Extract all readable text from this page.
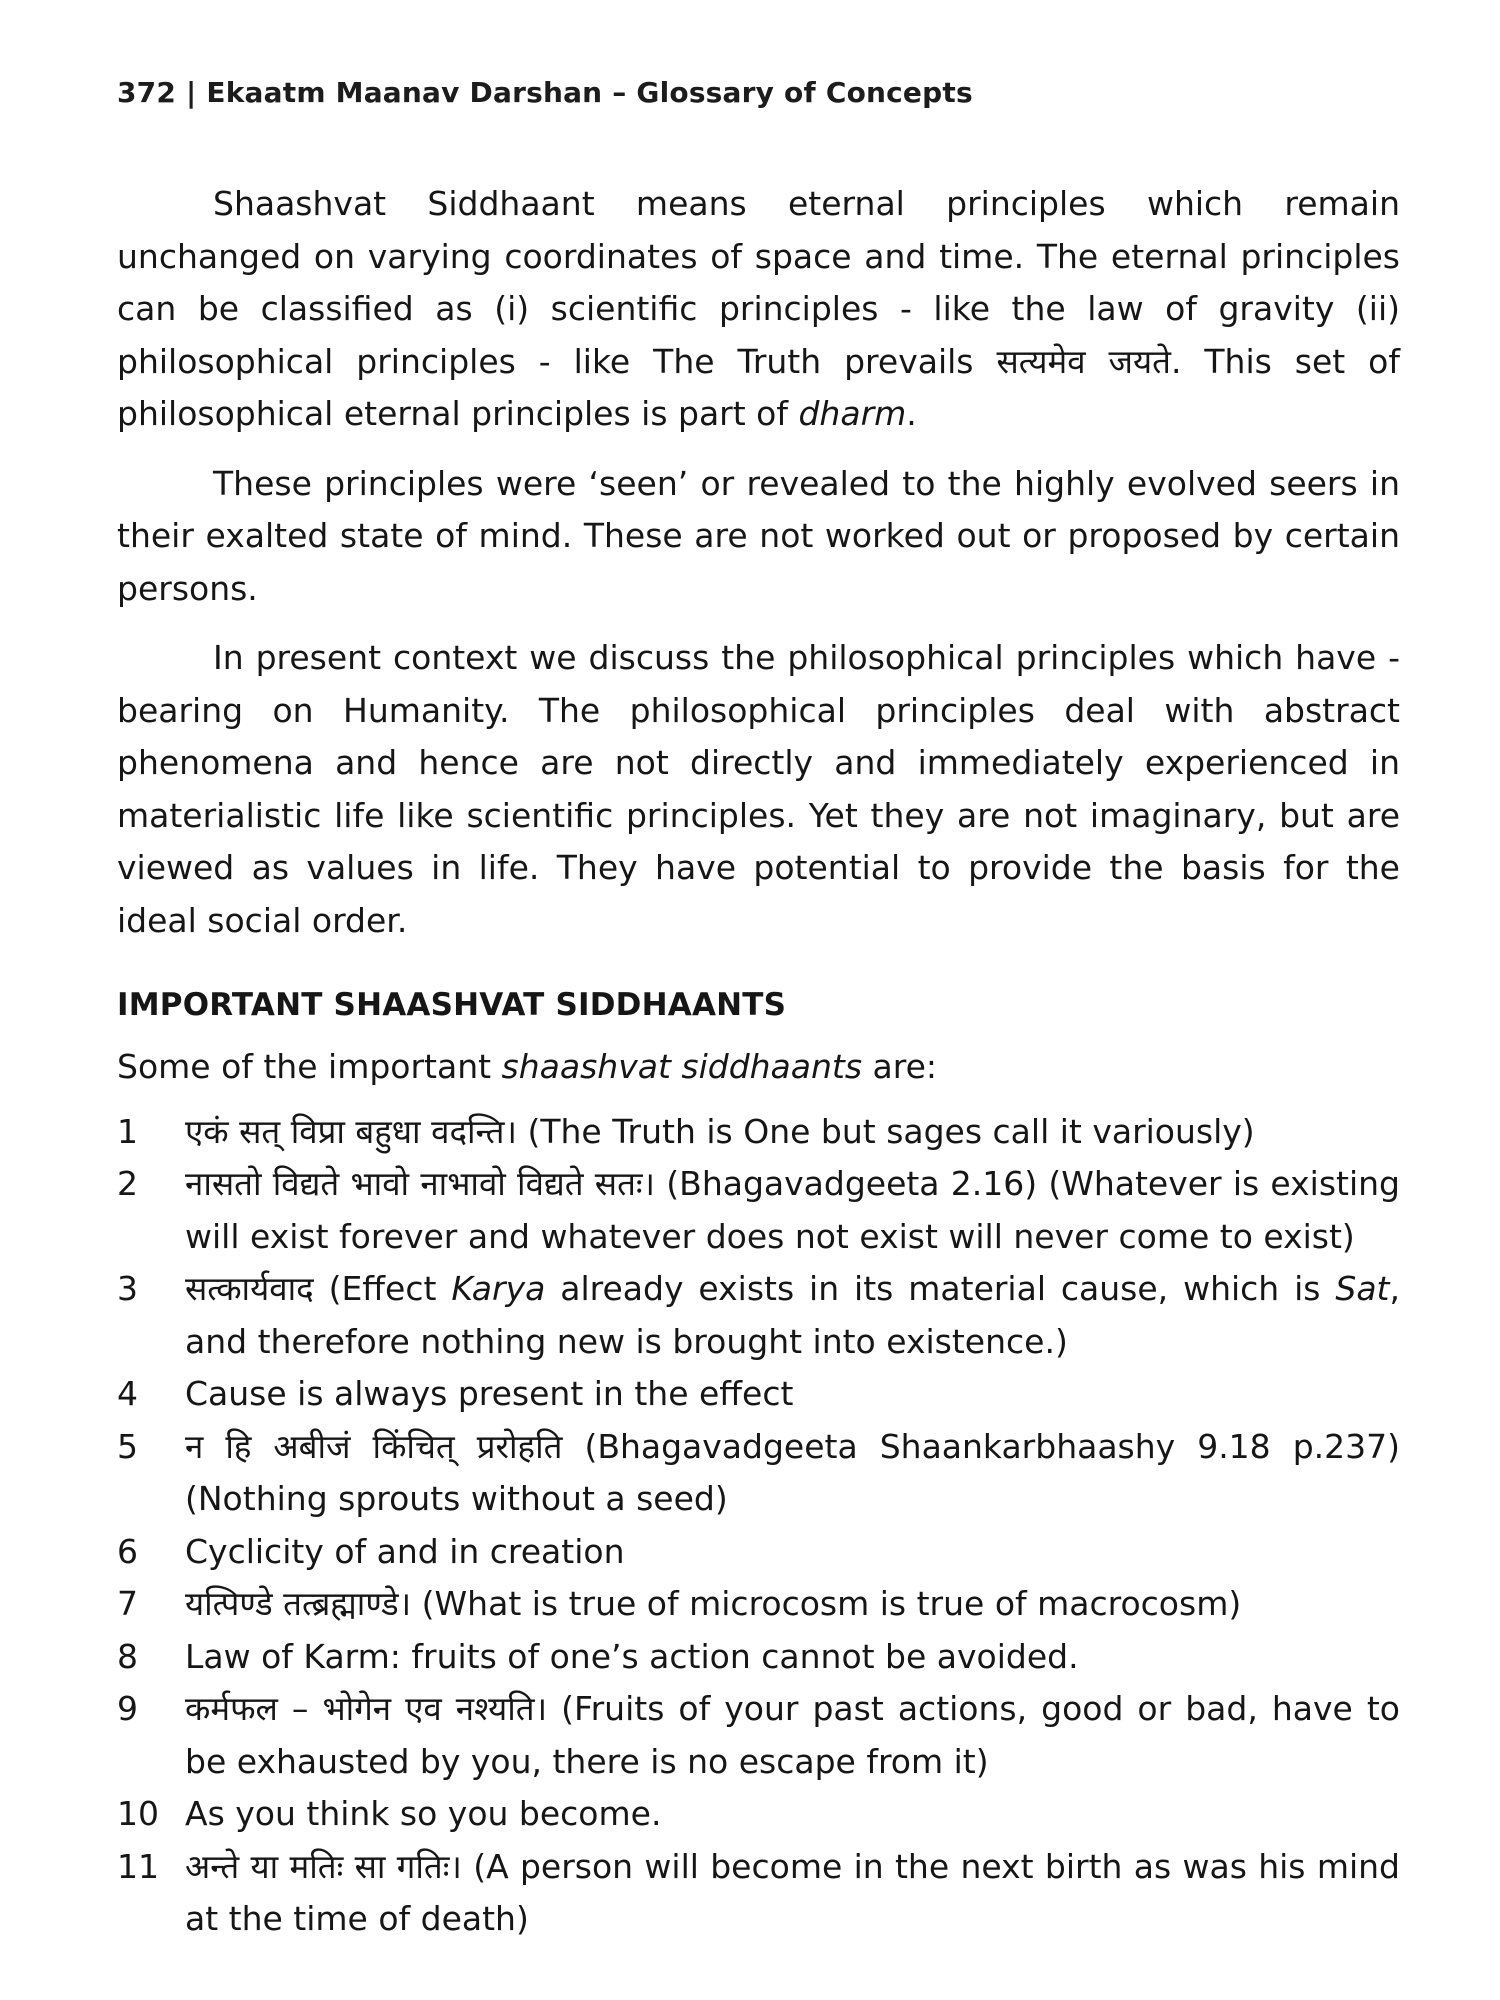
372 | Ekaatm Maanav Darshan – Glossary of Concepts

Shaashvat Siddhaant means eternal principles which remain unchanged on varying coordinates of space and time. The eternal principles can be classified as (i) scientific principles - like the law of gravity (ii) philosophical principles - like The Truth prevails सत्यमेव जयते. This set of philosophical eternal principles is part of dharm.

These principles were ‘seen’ or revealed to the highly evolved seers in their exalted state of mind. These are not worked out or proposed by certain persons.

In present context we discuss the philosophical principles which have - bearing on Humanity. The philosophical principles deal with abstract phenomena and hence are not directly and immediately experienced in materialistic life like scientific principles. Yet they are not imaginary, but are viewed as values in life. They have potential to provide the basis for the ideal social order.

IMPORTANT SHAASHVAT SIDDHAANTS

Some of the important shaashvat siddhaants are:

1	एकं सत् विप्रा बहुधा वदन्ति। (The Truth is One but sages call it variously)
2	नासतो विद्यते भावो नाभावो विद्यते सतः। (Bhagavadgeeta 2.16) (Whatever is existing will exist forever and whatever does not exist will never come to exist)
3	सत्कार्यवाद (Effect Karya already exists in its material cause, which is Sat, and therefore nothing new is brought into existence.)
4	Cause is always present in the effect
5	न हि अबीजं किंचित् प्ररोहति (Bhagavadgeeta Shaankarbhaashy 9.18 p.237) (Nothing sprouts without a seed)
6	Cyclicity of and in creation
7	यत्पिण्डे तत्ब्रह्माण्डे। (What is true of microcosm is true of macrocosm)
8	Law of Karm: fruits of one’s action cannot be avoided.
9	कर्मफल – भोगेन एव नश्यति। (Fruits of your past actions, good or bad, have to be exhausted by you, there is no escape from it)
10 As you think so you become.
11 अन्ते या मतिः सा गतिः। (A person will become in the next birth as was his mind at the time of death)
